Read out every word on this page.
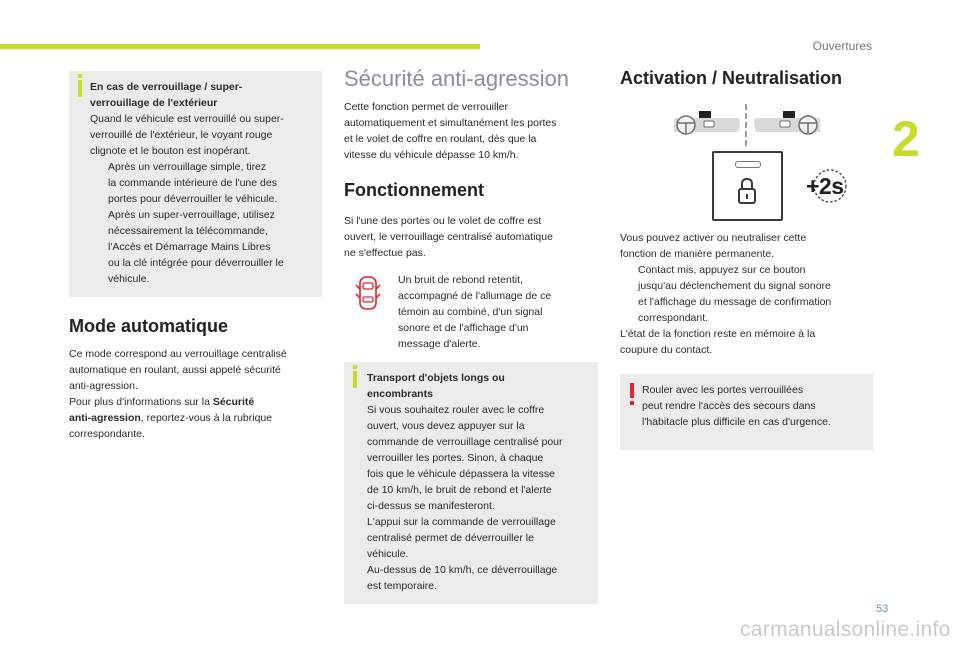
Ouvertures
2
En cas de verrouillage / super-
verrouillage de l'extérieur
Quand le véhicule est verrouillé ou super-
verrouillé de l'extérieur, le voyant rouge
clignote et le bouton est inopérant.
Après un verrouillage simple, tirez
la commande intérieure de l'une des
portes pour déverrouiller le véhicule.
Après un super-verrouillage, utilisez
nécessairement la télécommande,
l'Accès et Démarrage Mains Libres
ou la clé intégrée pour déverrouiller le
véhicule.
Mode automatique
Ce mode correspond au verrouillage centralisé
automatique en roulant, aussi appelé sécurité
anti-agression.
Pour plus d'informations sur la Sécurité
anti-agression, reportez-vous à la rubrique
correspondante.
Sécurité anti-agression
Cette fonction permet de verrouiller
automatiquement et simultanément les portes
et le volet de coffre en roulant, dès que la
vitesse du véhicule dépasse 10 km/h.
Fonctionnement
Si l'une des portes ou le volet de coffre est
ouvert, le verrouillage centralisé automatique
ne s'effectue pas.
Un bruit de rebond retentit,
accompagné de l'allumage de ce
témoin au combiné, d'un signal
sonore et de l'affichage d'un
message d'alerte.
Transport d'objets longs ou
encombrants
Si vous souhaitez rouler avec le coffre
ouvert, vous devez appuyer sur la
commande de verrouillage centralisé pour
verrouiller les portes. Sinon, à chaque
fois que le véhicule dépassera la vitesse
de 10 km/h, le bruit de rebond et l'alerte
ci-dessus se manifesteront.
L'appui sur la commande de verrouillage
centralisé permet de déverrouiller le
véhicule.
Au-dessus de 10 km/h, ce déverrouillage
est temporaire.
Activation / Neutralisation
+2s
Vous pouvez activer ou neutraliser cette
fonction de manière permanente.
Contact mis, appuyez sur ce bouton
jusqu'au déclenchement du signal sonore
et l'affichage du message de confirmation
correspondant.
L'état de la fonction reste en mémoire à la
coupure du contact.
Rouler avec les portes verrouillées
peut rendre l'accès des secours dans
l'habitacle plus difficile en cas d'urgence.
53
carmanualsonline.info
